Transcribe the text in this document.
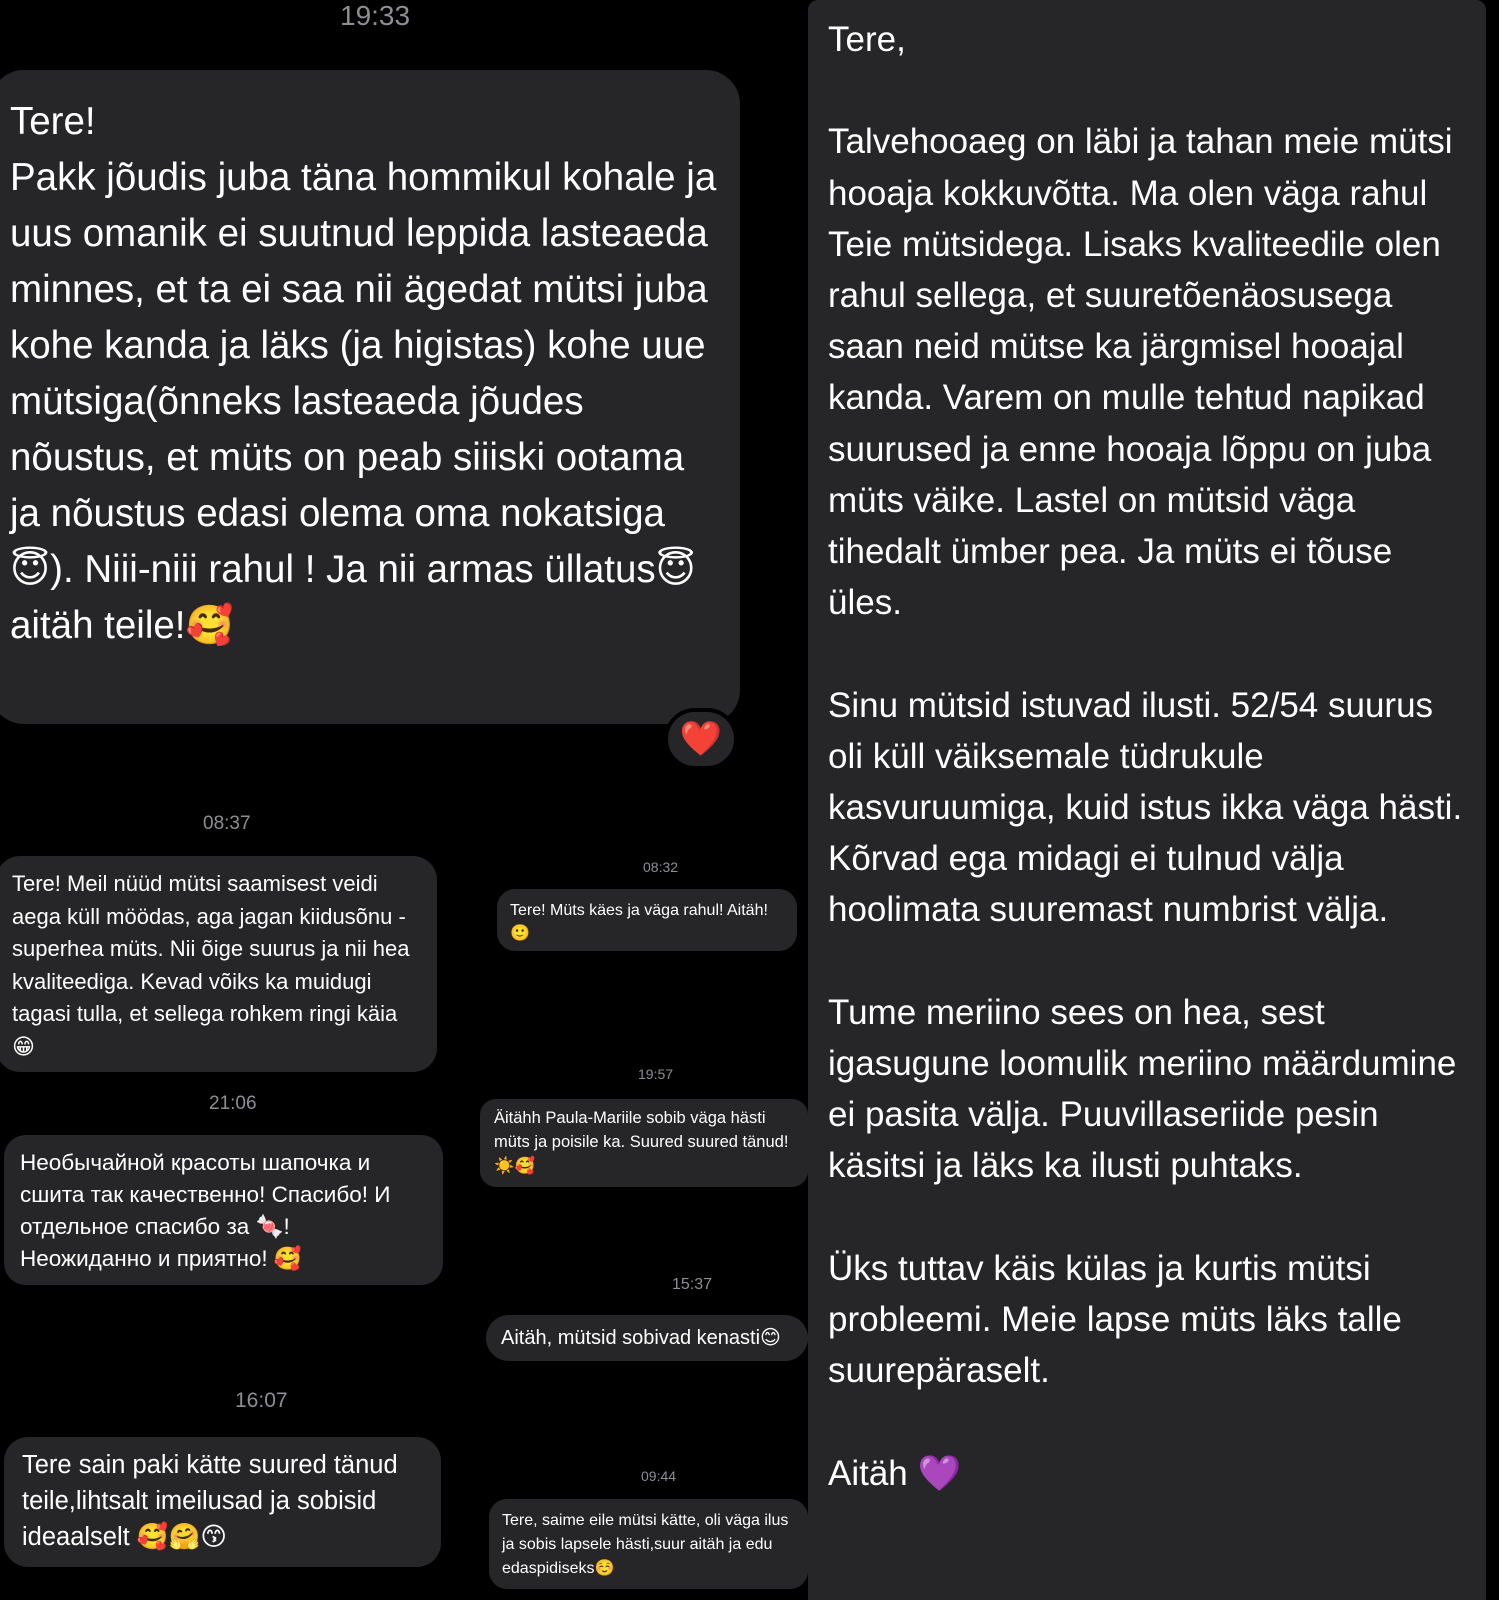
19:33
Tere!
Pakk jõudis juba täna hommikul kohale ja uus omanik ei suutnud leppida lasteaeda minnes, et ta ei saa nii ägedat mütsi juba kohe kanda ja läks (ja higistas) kohe uue mütsiga(õnneks lasteaeda jõudes nõustus, et müts on peab siiiski ootama ja nõustus edasi olema oma nokatsiga😇). Niii-niii rahul ! Ja nii armas üllatus😇  aitäh teile!🥰
❤️
08:37
Tere! Meil nüüd mütsi saamisest veidi aega küll möödas, aga jagan kiidusõnu - superhea müts. Nii õige suurus ja nii hea kvaliteediga. Kevad võiks ka muidugi tagasi tulla, et sellega rohkem ringi käia 😁
21:06
Необычайной красоты шапочка и сшита так качественно! Спасибо! И отдельное спасибо за 🍬! Неожиданно и приятно! 🥰
16:07
Tere sain paki kätte suured tänud teile,lihtsalt imeilusad ja sobisid ideaalselt 🥰🤗😙
08:32
Tere! Müts käes ja väga rahul! Aitäh! 🙂
19:57
Äitähh Paula-Mariile sobib väga hästi müts ja poisile ka. Suured suured tänud!☀️🥰
15:37
Aitäh, mütsid sobivad kenasti😊
09:44
Tere, saime eile mütsi kätte, oli väga ilus ja sobis lapsele hästi,suur aitäh ja edu edaspidiseks☺️
Tere,

Talvehooaeg on läbi ja tahan meie mütsi hooaja kokkuvõtta. Ma olen väga rahul Teie mütsidega. Lisaks kvaliteedile olen rahul sellega, et suuretõenäosusega saan neid mütse ka järgmisel hooajal kanda. Varem on mulle tehtud napikad suurused ja enne hooaja lõppu on juba müts väike. Lastel on mütsid väga tihedalt ümber pea. Ja müts ei tõuse üles.

Sinu mütsid istuvad ilusti. 52/54 suurus oli küll väiksemale tüdrukule kasvuruumiga, kuid istus ikka väga hästi. Kõrvad ega midagi ei tulnud välja hoolimata suuremast numbrist välja.

Tume meriino sees on hea, sest igasugune loomulik meriino määrdumine ei pasita välja. Puuvillaseriide pesin käsitsi ja läks ka ilusti puhtaks.

Üks tuttav käis külas ja kurtis mütsi probleemi. Meie lapse müts läks talle suurepäraselt.

Aitäh 💜
